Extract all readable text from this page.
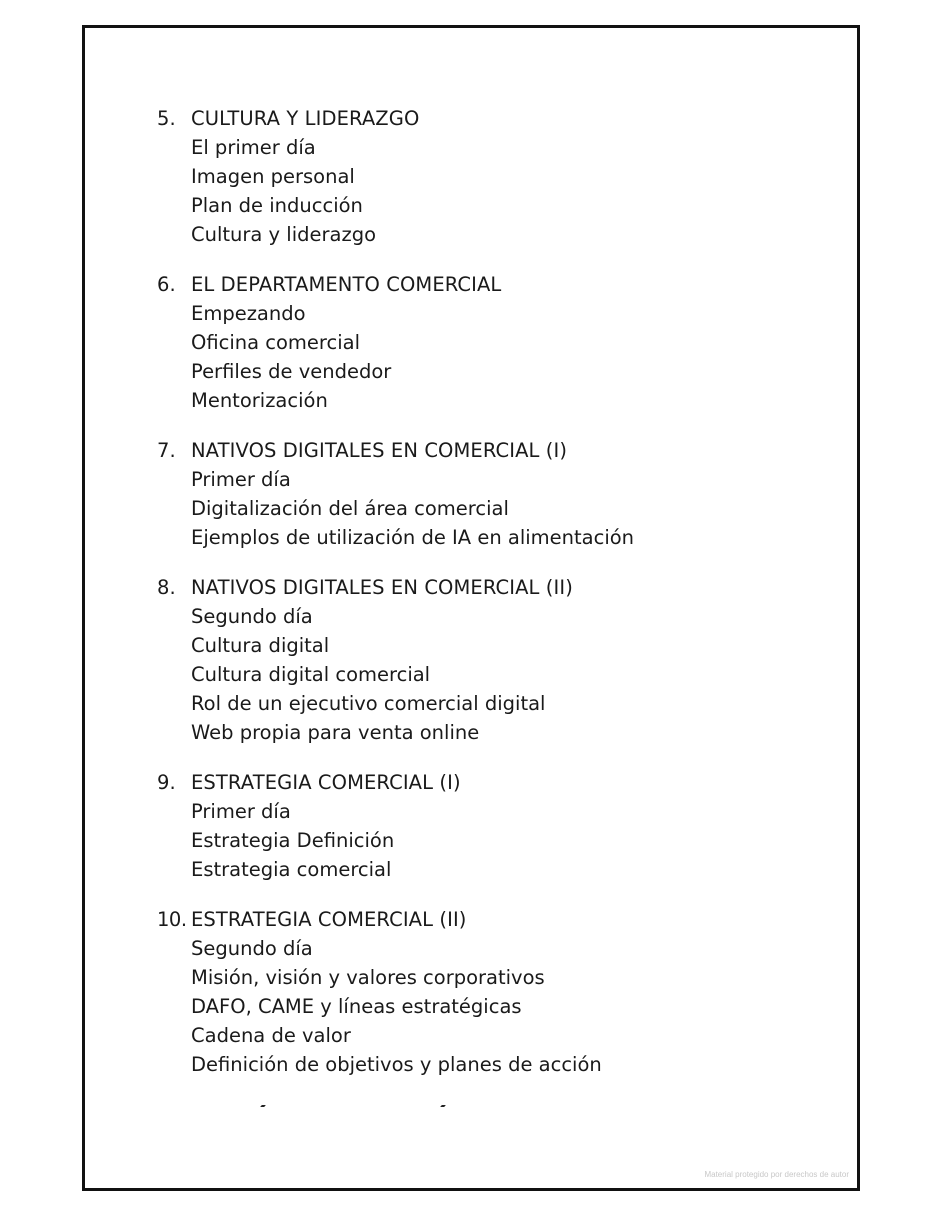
5. CULTURA Y LIDERAZGO
El primer día
Imagen personal
Plan de inducción
Cultura y liderazgo
6. EL DEPARTAMENTO COMERCIAL
Empezando
Oficina comercial
Perfiles de vendedor
Mentorización
7. NATIVOS DIGITALES EN COMERCIAL (I)
Primer día
Digitalización del área comercial
Ejemplos de utilización de IA en alimentación
8. NATIVOS DIGITALES EN COMERCIAL (II)
Segundo día
Cultura digital
Cultura digital comercial
Rol de un ejecutivo comercial digital
Web propia para venta online
9. ESTRATEGIA COMERCIAL (I)
Primer día
Estrategia Definición
Estrategia comercial
10. ESTRATEGIA COMERCIAL (II)
Segundo día
Misión, visión y valores corporativos
DAFO, CAME y líneas estratégicas
Cadena de valor
Definición de objetivos y planes de acción
Material protegido por derechos de autor
